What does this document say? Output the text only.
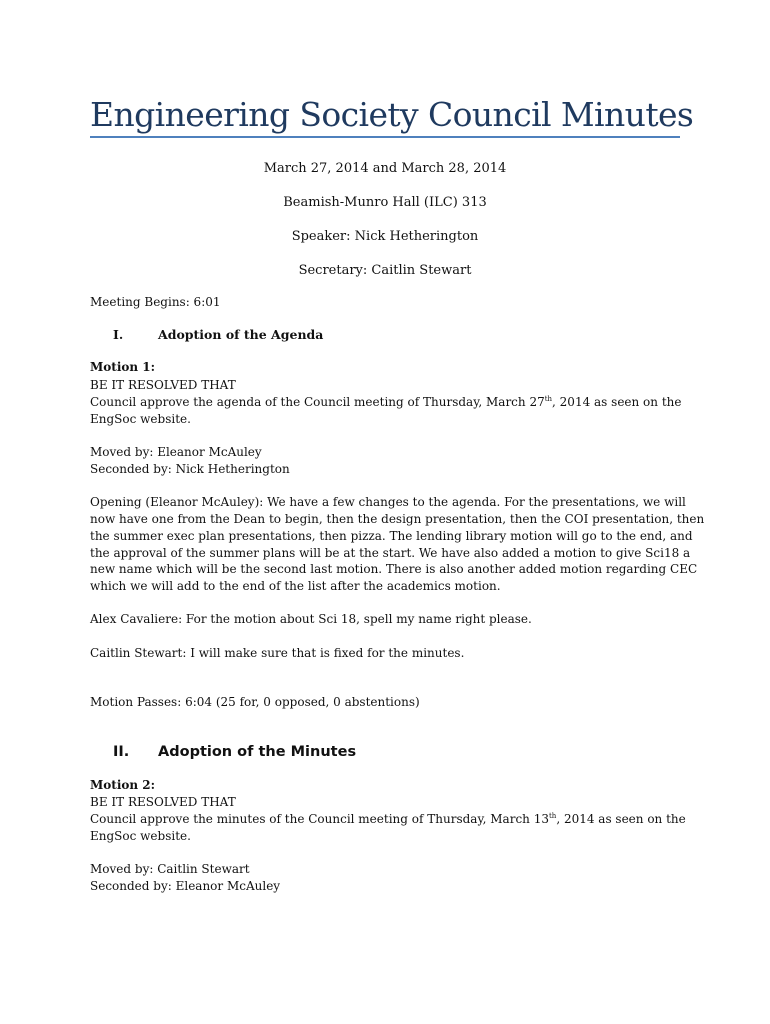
Engineering Society Council Minutes
March 27, 2014 and March 28, 2014
Beamish-Munro Hall (ILC) 313
Speaker: Nick Hetherington
Secretary: Caitlin Stewart
Meeting Begins: 6:01
I.	Adoption of the Agenda
Motion 1:
BE IT RESOLVED THAT
Council approve the agenda of the Council meeting of Thursday, March 27th, 2014 as seen on the
EngSoc website.
Moved by: Eleanor McAuley
Seconded by: Nick Hetherington
Opening (Eleanor McAuley): We have a few changes to the agenda. For the presentations, we will
now have one from the Dean to begin, then the design presentation, then the COI presentation, then
the summer exec plan presentations, then pizza. The lending library motion will go to the end, and
the approval of the summer plans will be at the start. We have also added a motion to give Sci18 a
new name which will be the second last motion. There is also another added motion regarding CEC
which we will add to the end of the list after the academics motion.
Alex Cavaliere: For the motion about Sci 18, spell my name right please.
Caitlin Stewart: I will make sure that is fixed for the minutes.
Motion Passes: 6:04 (25 for, 0 opposed, 0 abstentions)
II. Adoption of the Minutes
Motion 2:
BE IT RESOLVED THAT
Council approve the minutes of the Council meeting of Thursday, March 13th, 2014 as seen on the
EngSoc website.
Moved by: Caitlin Stewart
Seconded by: Eleanor McAuley
